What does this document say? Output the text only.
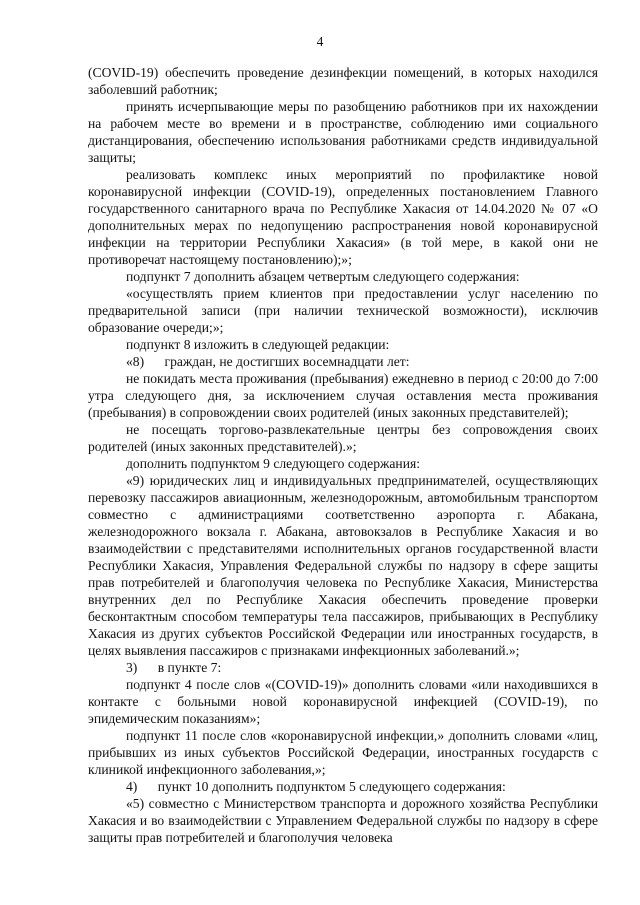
4

(COVID-19) обеспечить проведение дезинфекции помещений, в которых находился заболевший работник;

принять исчерпывающие меры по разобщению работников при их нахождении на рабочем месте во времени и в пространстве, соблюдению ими социального дистанцирования, обеспечению использования работниками средств индивидуальной защиты;

реализовать комплекс иных мероприятий по профилактике новой коронавирусной инфекции (COVID-19), определенных постановлением Главного государственного санитарного врача по Республике Хакасия от 14.04.2020 № 07 «О дополнительных мерах по недопущению распространения новой коронавирусной инфекции на территории Республики Хакасия» (в той мере, в какой они не противоречат настоящему постановлению);»;

подпункт 7 дополнить абзацем четвертым следующего содержания:

«осуществлять прием клиентов при предоставлении услуг населению по предварительной записи (при наличии технической возможности), исключив образование очереди;»;

подпункт 8 изложить в следующей редакции:

«8)      граждан, не достигших восемнадцати лет:

не покидать места проживания (пребывания) ежедневно в период с 20:00 до 7:00 утра следующего дня, за исключением случая оставления места проживания (пребывания) в сопровождении своих родителей (иных законных представителей);

не посещать торгово-развлекательные центры без сопровождения своих родителей (иных законных представителей).»;

дополнить подпунктом 9 следующего содержания:

«9) юридических лиц и индивидуальных предпринимателей, осуществляющих перевозку пассажиров авиационным, железнодорожным, автомобильным транспортом совместно с администрациями соответственно аэропорта г. Абакана, железнодорожного вокзала г. Абакана, автовокзалов в Республике Хакасия и во взаимодействии с представителями исполнительных органов государственной власти Республики Хакасия, Управления Федеральной службы по надзору в сфере защиты прав потребителей и благополучия человека по Республике Хакасия, Министерства внутренних дел по Республике Хакасия обеспечить проведение проверки бесконтактным способом температуры тела пассажиров, прибывающих в Республику Хакасия из других субъектов Российской Федерации или иностранных государств, в целях выявления пассажиров с признаками инфекционных заболеваний.»;

3)      в пункте 7:

подпункт 4 после слов «(COVID-19)» дополнить словами «или находившихся в контакте с больными новой коронавирусной инфекцией (COVID-19), по эпидемическим показаниям»;

подпункт 11 после слов «коронавирусной инфекции,» дополнить словами «лиц, прибывших из иных субъектов Российской Федерации, иностранных государств с клиникой инфекционного заболевания,»;

4)      пункт 10 дополнить подпунктом 5 следующего содержания:

«5) совместно с Министерством транспорта и дорожного хозяйства Республики Хакасия и во взаимодействии с Управлением Федеральной службы по надзору в сфере защиты прав потребителей и благополучия человека
